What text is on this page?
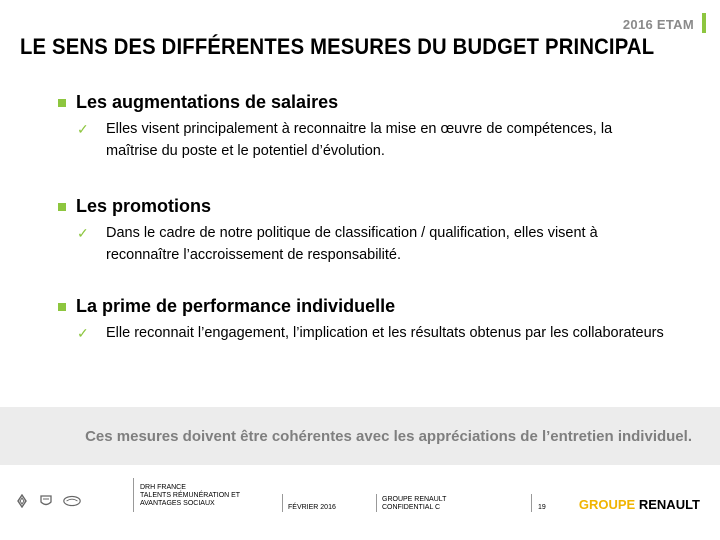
2016 ETAM
LE SENS DES DIFFÉRENTES MESURES DU BUDGET PRINCIPAL
Les augmentations de salaires
✓	Elles visent principalement à reconnaitre la mise en œuvre de compétences, la maîtrise du poste et le potentiel d’évolution.
Les promotions
✓	Dans le cadre de notre politique de classification / qualification, elles visent à reconnaître l’accroissement de responsabilité.
La prime de performance individuelle
✓	Elle reconnait l’engagement, l’implication et les résultats obtenus par les collaborateurs
Ces mesures doivent être cohérentes avec les appréciations de l’entretien individuel.
DRH FRANCE
TALENTS RÉMUNÉRATION ET
AVANTAGES SOCIAUX
FÉVRIER 2016
GROUPE RENAULT
CONFIDENTIAL C	19	GROUPE RENAULT
